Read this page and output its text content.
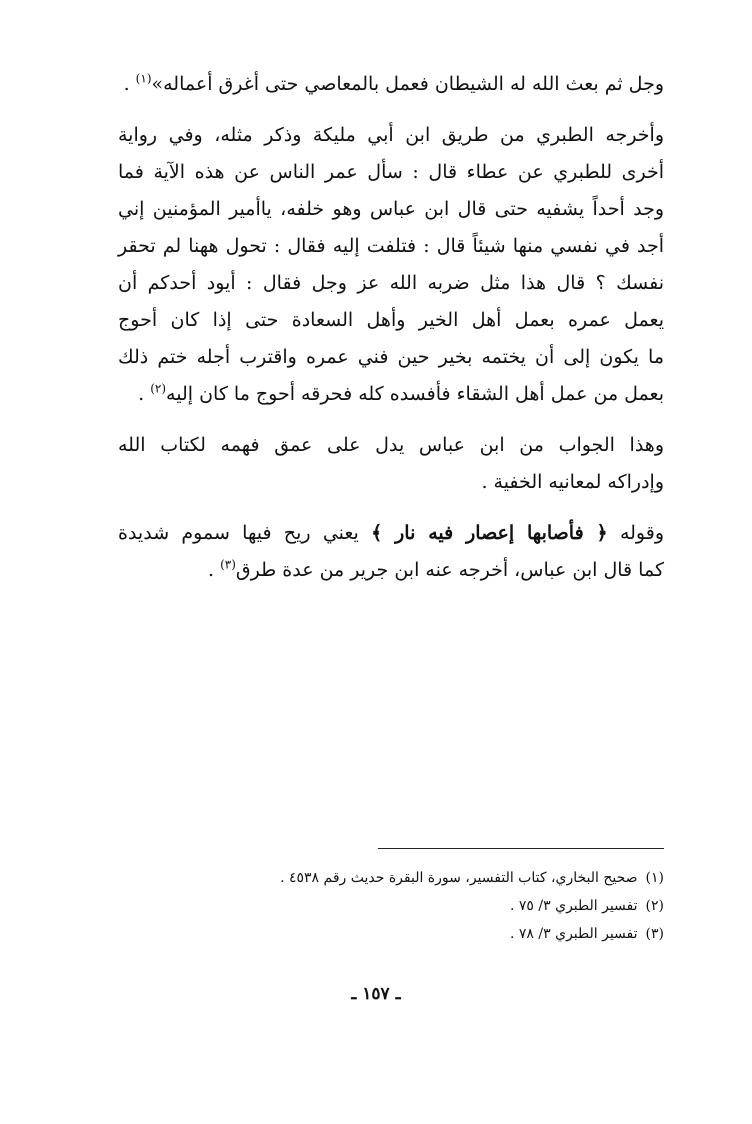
وجل ثم بعث الله له الشيطان فعمل بالمعاصي حتى أغرق أعماله»$^{(١)}$ .

وأخرجه الطبري من طريق ابن أبي مليكة وذكر مثله، وفي رواية
أخرى للطبري عن عطاء قال : سأل عمر الناس عن هذه الآية فما
وجد أحداً يشفيه حتى قال ابن عباس وهو خلفه، ياأمير المؤمنين إني
أجد في نفسي منها شيئاً قال : فتلفت إليه فقال : تحول ههنا لم تحقر
نفسك ؟ قال هذا مثل ضربه الله عز وجل فقال : أيود أحدكم أن
يعمل عمره بعمل أهل الخير وأهل السعادة حتى إذا كان أحوج
ما يكون إلى أن يختمه بخير حين فني عمره واقترب أجله ختم ذلك
بعمل من عمل أهل الشقاء فأفسده كله فحرقه أحوج ما كان إليه$^{(٢)}$ .

وهذا الجواب من ابن عباس يدل على عمق فهمه لكتاب الله
وإدراكه لمعانيه الخفية .

وقوله ﴿ فأصابها إعصار فيه نار ﴾ يعني ريح فيها سموم شديدة
كما قال ابن عباس، أخرجه عنه ابن جرير من عدة طرق$^{(٣)}$ .

(١)صحيح البخاري، كتاب التفسير، سورة البقرة حديث رقم ٤٥٣٨ .
(٢)تفسير الطبري ٣/ ٧٥ .
(٣)تفسير الطبري ٣/ ٧٨ .
ـ ١٥٧ ـ
